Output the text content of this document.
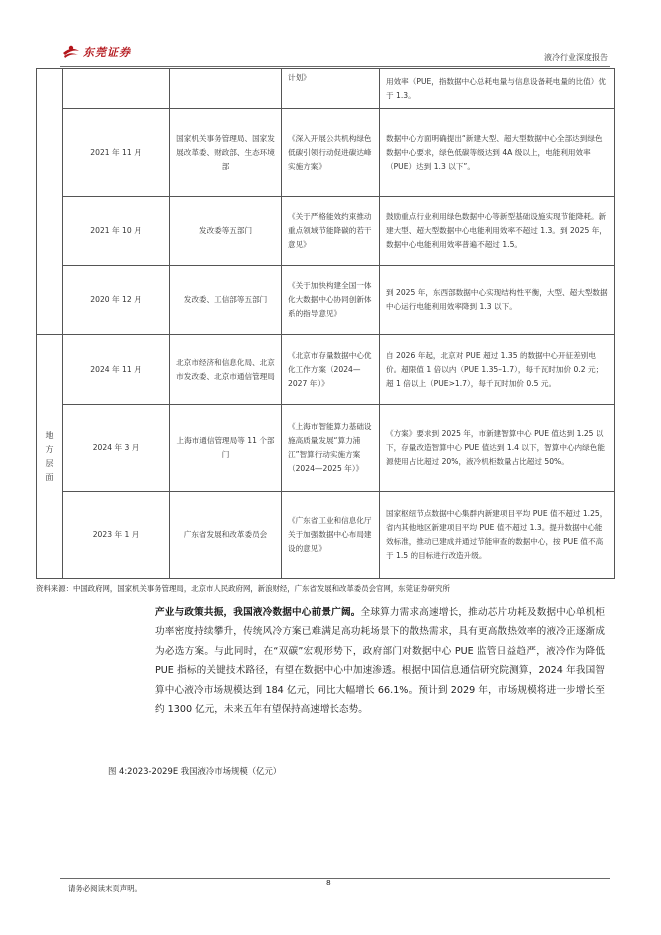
东莞证券	液冷行业深度报告
			计划》	用效率（PUE，指数据中心总耗电量与信息设备耗电量的比值）优于 1.3。
	2021 年 11 月	国家机关事务管理局、国家发展改革委、财政部、生态环境部	《深入开展公共机构绿色低碳引领行动促进碳达峰实施方案》	数据中心方面明确提出“新建大型、超大型数据中心全部达到绿色数据中心要求，绿色低碳等级达到 4A 级以上，电能利用效率（PUE）达到 1.3 以下”。
	2021 年 10 月	发改委等五部门	《关于严格能效约束推动重点领域节能降碳的若干意见》	鼓励重点行业利用绿色数据中心等新型基础设施实现节能降耗。新建大型、超大型数据中心电能利用效率不超过 1.3。到 2025 年，数据中心电能利用效率普遍不超过 1.5。
	2020 年 12 月	发改委、工信部等五部门	《关于加快构建全国一体化大数据中心协同创新体系的指导意见》	到 2025 年，东西部数据中心实现结构性平衡，大型、超大型数据中心运行电能利用效率降到 1.3 以下。
地方层面	2024 年 11 月	北京市经济和信息化局、北京市发改委、北京市通信管理局	《北京市存量数据中心优化工作方案（2024—2027 年）》	自 2026 年起，北京对 PUE 超过 1.35 的数据中心开征差别电价。超限值 1 倍以内（PUE 1.35–1.7），每千瓦时加价 0.2 元；超 1 倍以上（PUE>1.7），每千瓦时加价 0.5 元。
	2024 年 3 月	上海市通信管理局等 11 个部门	《上海市智能算力基础设施高质量发展“算力浦江”智算行动实施方案（2024—2025 年）》	《方案》要求到 2025 年，市新建智算中心 PUE 值达到 1.25 以下，存量改造智算中心 PUE 值达到 1.4 以下，智算中心内绿色能源使用占比超过 20%，液冷机柜数量占比超过 50%。
	2023 年 1 月	广东省发展和改革委员会	《广东省工业和信息化厅关于加强数据中心布局建设的意见》	国家枢纽节点数据中心集群内新建项目平均 PUE 值不超过 1.25，省内其他地区新建项目平均 PUE 值不超过 1.3。提升数据中心能效标准，推动已建成并通过节能审查的数据中心，按 PUE 值不高于 1.5 的目标进行改造升级。
资料来源：中国政府网，国家机关事务管理局，北京市人民政府网，新浪财经，广东省发展和改革委员会官网，东莞证券研究所
产业与政策共振，我国液冷数据中心前景广阔。全球算力需求高速增长，推动芯片功耗及数据中心单机柜功率密度持续攀升，传统风冷方案已难满足高功耗场景下的散热需求，具有更高散热效率的液冷正逐渐成为必选方案。与此同时，在“双碳”宏观形势下，政府部门对数据中心 PUE 监管日益趋严，液冷作为降低 PUE 指标的关键技术路径，有望在数据中心中加速渗透。根据中国信息通信研究院测算，2024 年我国智算中心液冷市场规模达到 184 亿元，同比大幅增长 66.1%。预计到 2029 年，市场规模将进一步增长至约 1300 亿元，未来五年有望保持高速增长态势。
图 4:2023-2029E 我国液冷市场规模（亿元）
请务必阅读末页声明。
8
